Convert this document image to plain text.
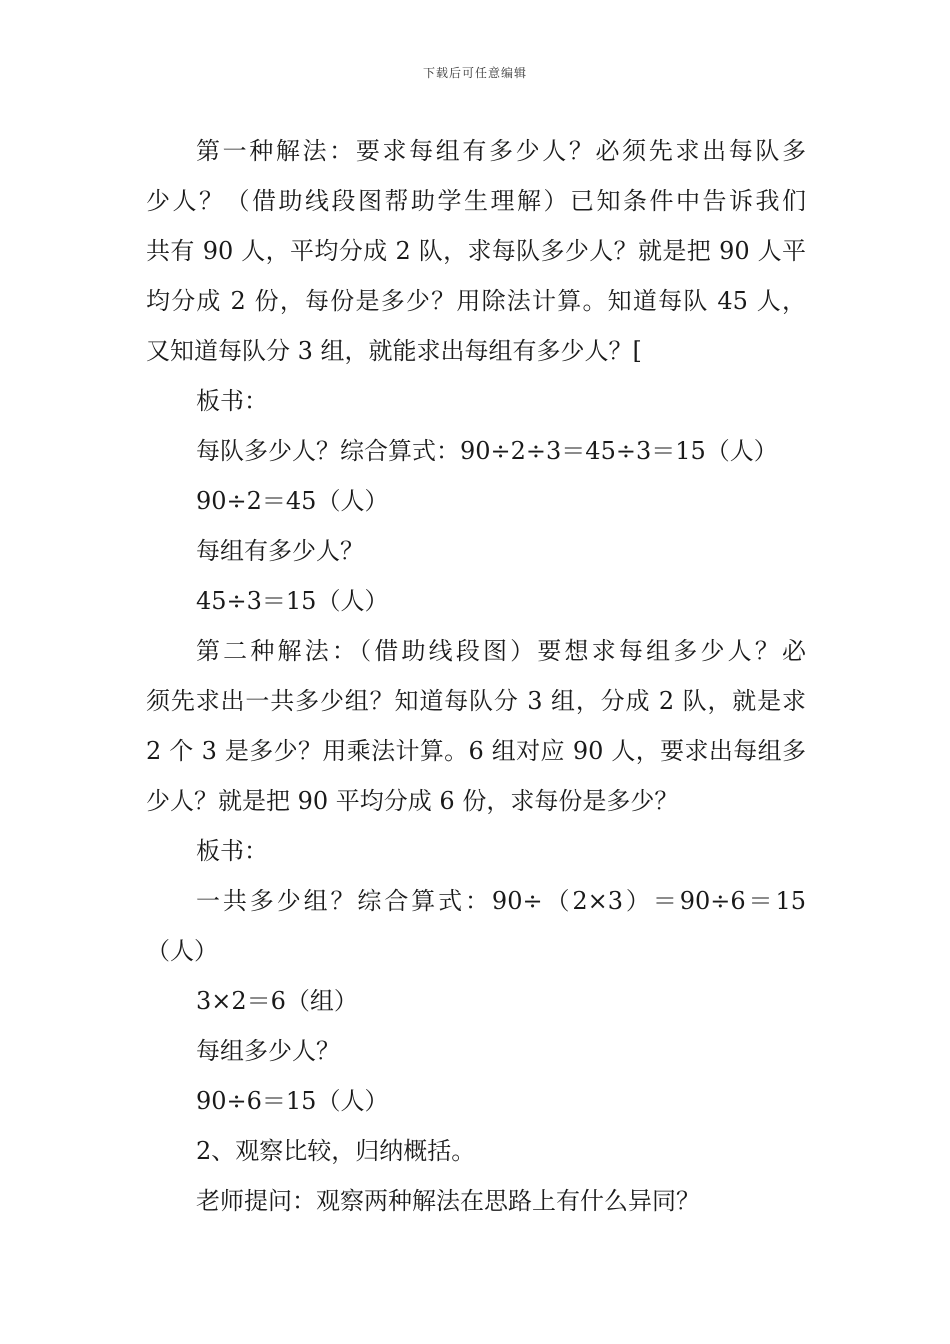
下载后可任意编辑
第一种解法：要求每组有多少人？必须先求出每队多
少人？（借助线段图帮助学生理解）已知条件中告诉我们
共有 90 人，平均分成 2 队，求每队多少人？就是把 90 人平
均分成 2 份，每份是多少？用除法计算。知道每队 45 人，
又知道每队分 3 组，就能求出每组有多少人？[
板书：
每队多少人？综合算式：90÷2÷3＝45÷3＝15（人）
90÷2＝45（人）
每组有多少人？
45÷3＝15（人）
第二种解法：（借助线段图）要想求每组多少人？必
须先求出一共多少组？知道每队分 3 组，分成 2 队，就是求
2 个 3 是多少？用乘法计算。6 组对应 90 人，要求出每组多
少人？就是把 90 平均分成 6 份，求每份是多少？
板书：
一共多少组？综合算式：90÷（2×3）＝90÷6＝15
（人）
3×2＝6（组）
每组多少人？
90÷6＝15（人）
2、观察比较，归纳概括。
老师提问：观察两种解法在思路上有什么异同？
